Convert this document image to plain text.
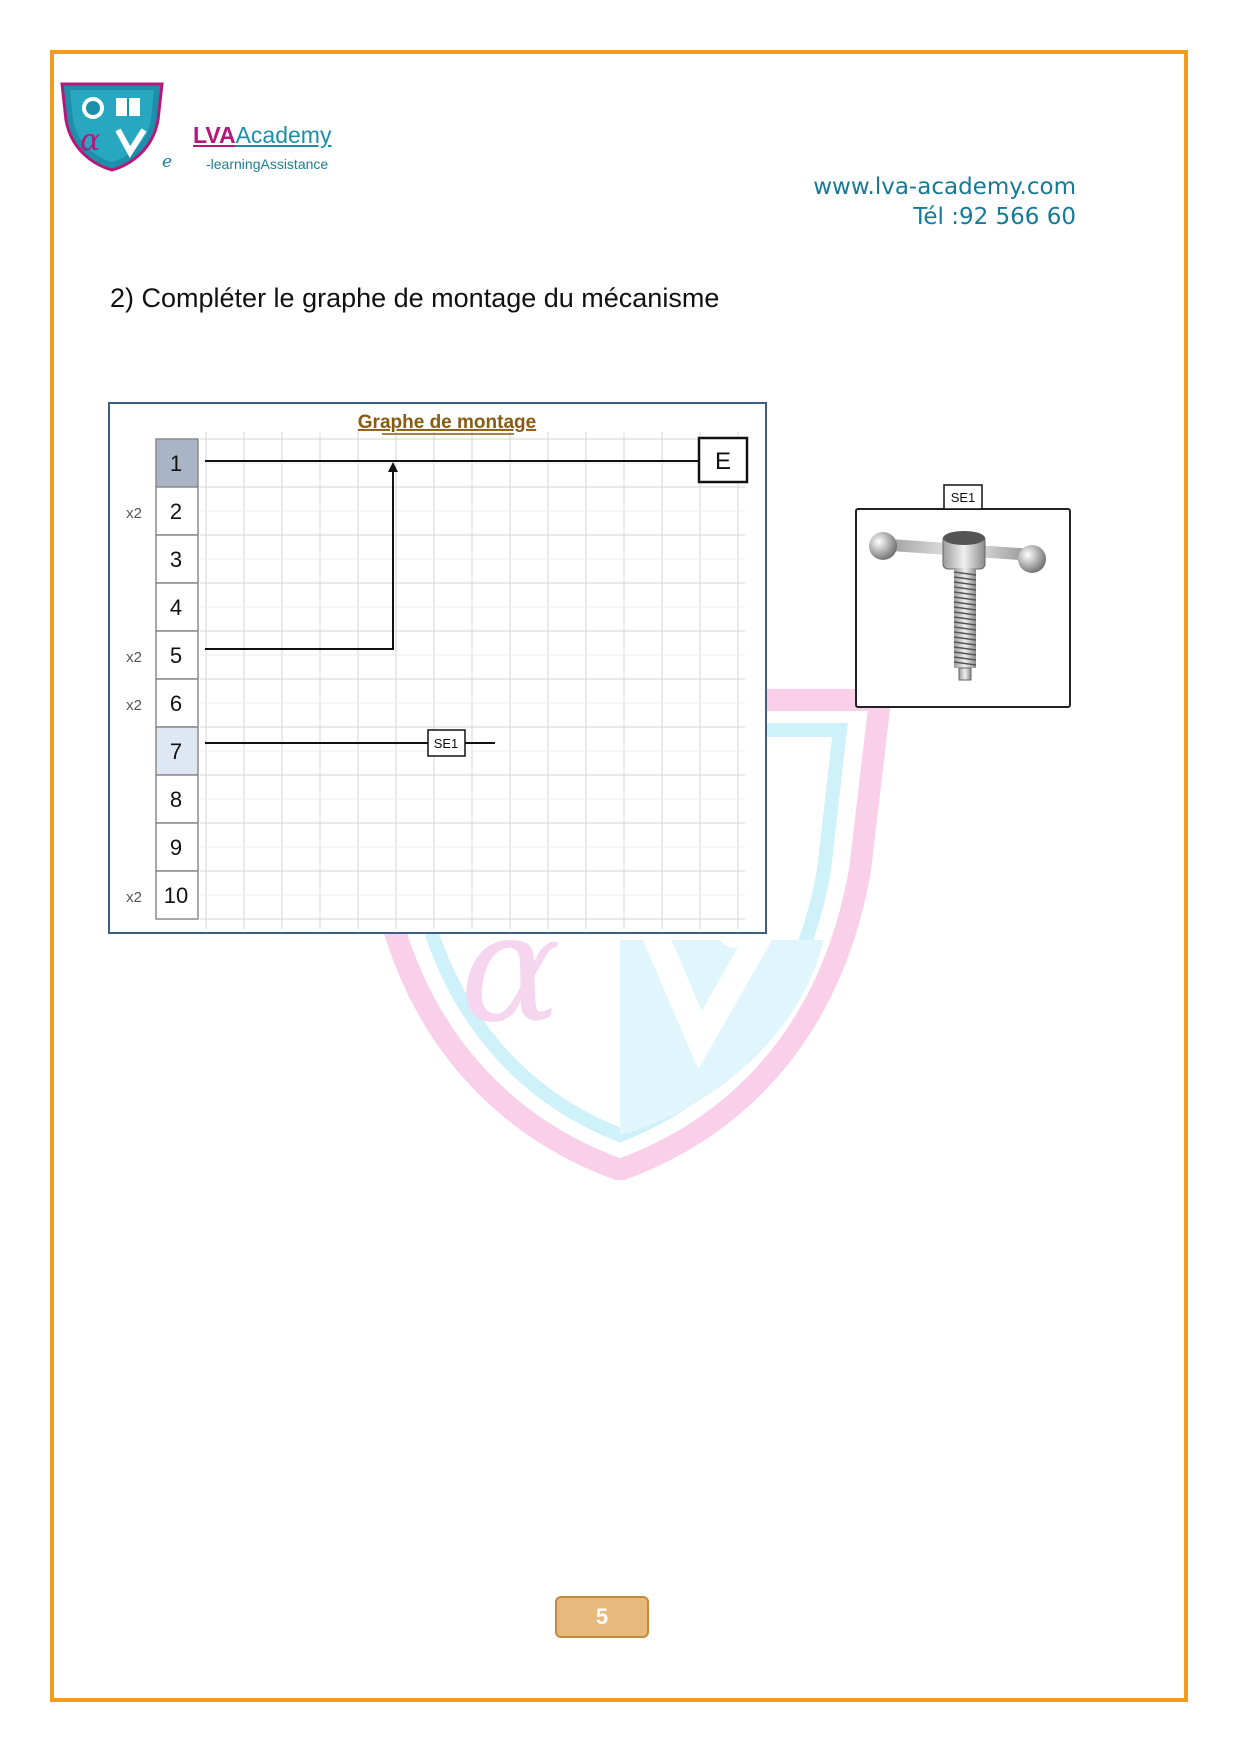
α	LVAAcademy
e -learningAssistance
www.lva-academy.com
Tél :92 566 60
2) Compléter le graphe de montage du mécanisme
α
Graphe de montage
1
2
x2
3
4
5
x2
6
x2
7
8
9
10
x2
E
SE1
SE1
5
